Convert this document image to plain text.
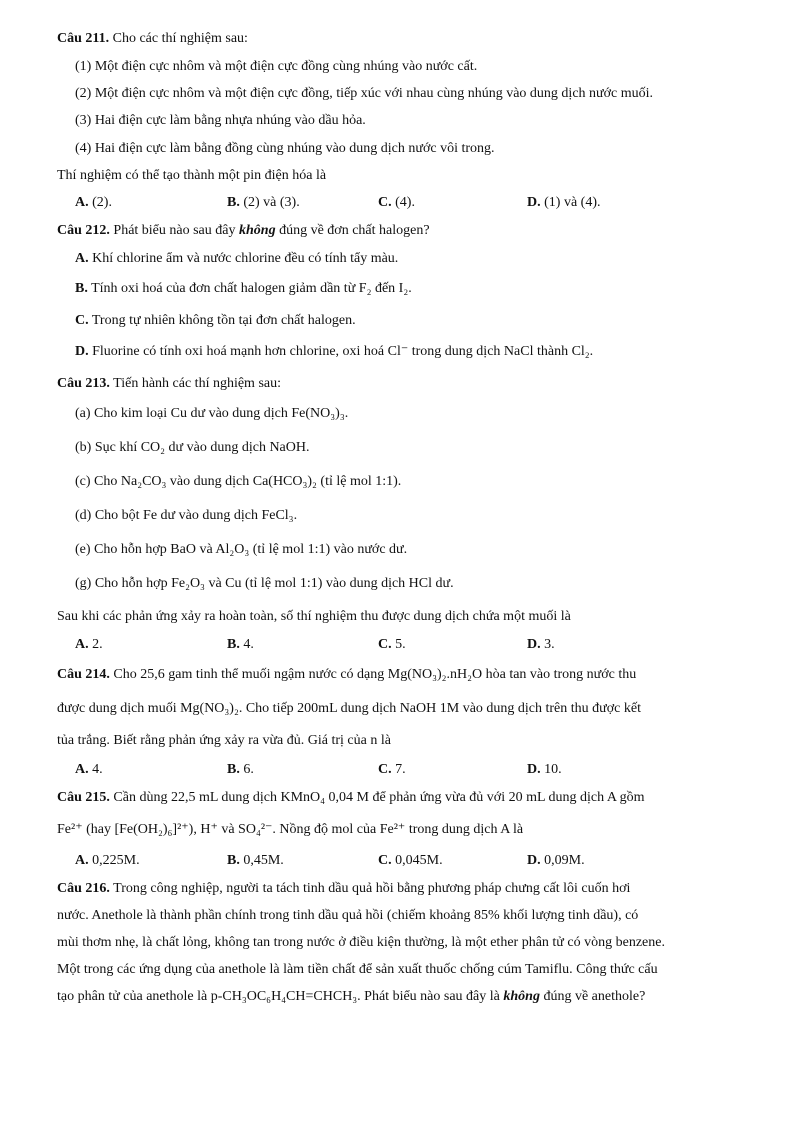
Câu 211. Cho các thí nghiệm sau:
(1) Một điện cực nhôm và một điện cực đồng cùng nhúng vào nước cất.
(2) Một điện cực nhôm và một điện cực đồng, tiếp xúc với nhau cùng nhúng vào dung dịch nước muối.
(3) Hai điện cực làm bằng nhựa nhúng vào dầu hỏa.
(4) Hai điện cực làm bằng đồng cùng nhúng vào dung dịch nước vôi trong.
Thí nghiệm có thể tạo thành một pin điện hóa là
A. (2).	B. (2) và (3).	C. (4).	D. (1) và (4).
Câu 212. Phát biểu nào sau đây không đúng về đơn chất halogen?
A. Khí chlorine ẩm và nước chlorine đều có tính tẩy màu.
B. Tính oxi hoá của đơn chất halogen giảm dần từ F₂ đến I₂.
C. Trong tự nhiên không tồn tại đơn chất halogen.
D. Fluorine có tính oxi hoá mạnh hơn chlorine, oxi hoá Cl⁻ trong dung dịch NaCl thành Cl₂.
Câu 213. Tiến hành các thí nghiệm sau:
(a) Cho kim loại Cu dư vào dung dịch Fe(NO₃)₃.
(b) Sục khí CO₂ dư vào dung dịch NaOH.
(c) Cho Na₂CO₃ vào dung dịch Ca(HCO₃)₂ (tỉ lệ mol 1:1).
(d) Cho bột Fe dư vào dung dịch FeCl₃.
(e) Cho hỗn hợp BaO và Al₂O₃ (tỉ lệ mol 1:1) vào nước dư.
(g) Cho hỗn hợp Fe₂O₃ và Cu (tỉ lệ mol 1:1) vào dung dịch HCl dư.
Sau khi các phản ứng xảy ra hoàn toàn, số thí nghiệm thu được dung dịch chứa một muối là
A. 2.	B. 4.	C. 5.	D. 3.
Câu 214. Cho 25,6 gam tinh thể muối ngậm nước có dạng Mg(NO₃)₂.nH₂O hòa tan vào trong nước thu
được dung dịch muối Mg(NO₃)₂. Cho tiếp 200mL dung dịch NaOH 1M vào dung dịch trên thu được kết
tủa trắng. Biết rằng phản ứng xảy ra vừa đủ. Giá trị của n là
A. 4.	B. 6.	C. 7.	D. 10.
Câu 215. Cần dùng 22,5 mL dung dịch KMnO₄ 0,04 M để phản ứng vừa đủ với 20 mL dung dịch A gồm
Fe²⁺ (hay [Fe(OH₂)₆]²⁺), H⁺ và SO₄²⁻. Nồng độ mol của Fe²⁺ trong dung dịch A là
A. 0,225M.	B. 0,45M.	C. 0,045M.	D. 0,09M.
Câu 216. Trong công nghiệp, người ta tách tinh dầu quả hồi bằng phương pháp chưng cất lôi cuốn hơi
nước. Anethole là thành phần chính trong tinh dầu quả hồi (chiếm khoảng 85% khối lượng tinh dầu), có
mùi thơm nhẹ, là chất lỏng, không tan trong nước ở điều kiện thường, là một ether phân tử có vòng benzene.
Một trong các ứng dụng của anethole là làm tiền chất để sản xuất thuốc chống cúm Tamiflu. Công thức cấu
tạo phân tử của anethole là p-CH₃OC₆H₄CH=CHCH₃. Phát biểu nào sau đây là không đúng về anethole?
